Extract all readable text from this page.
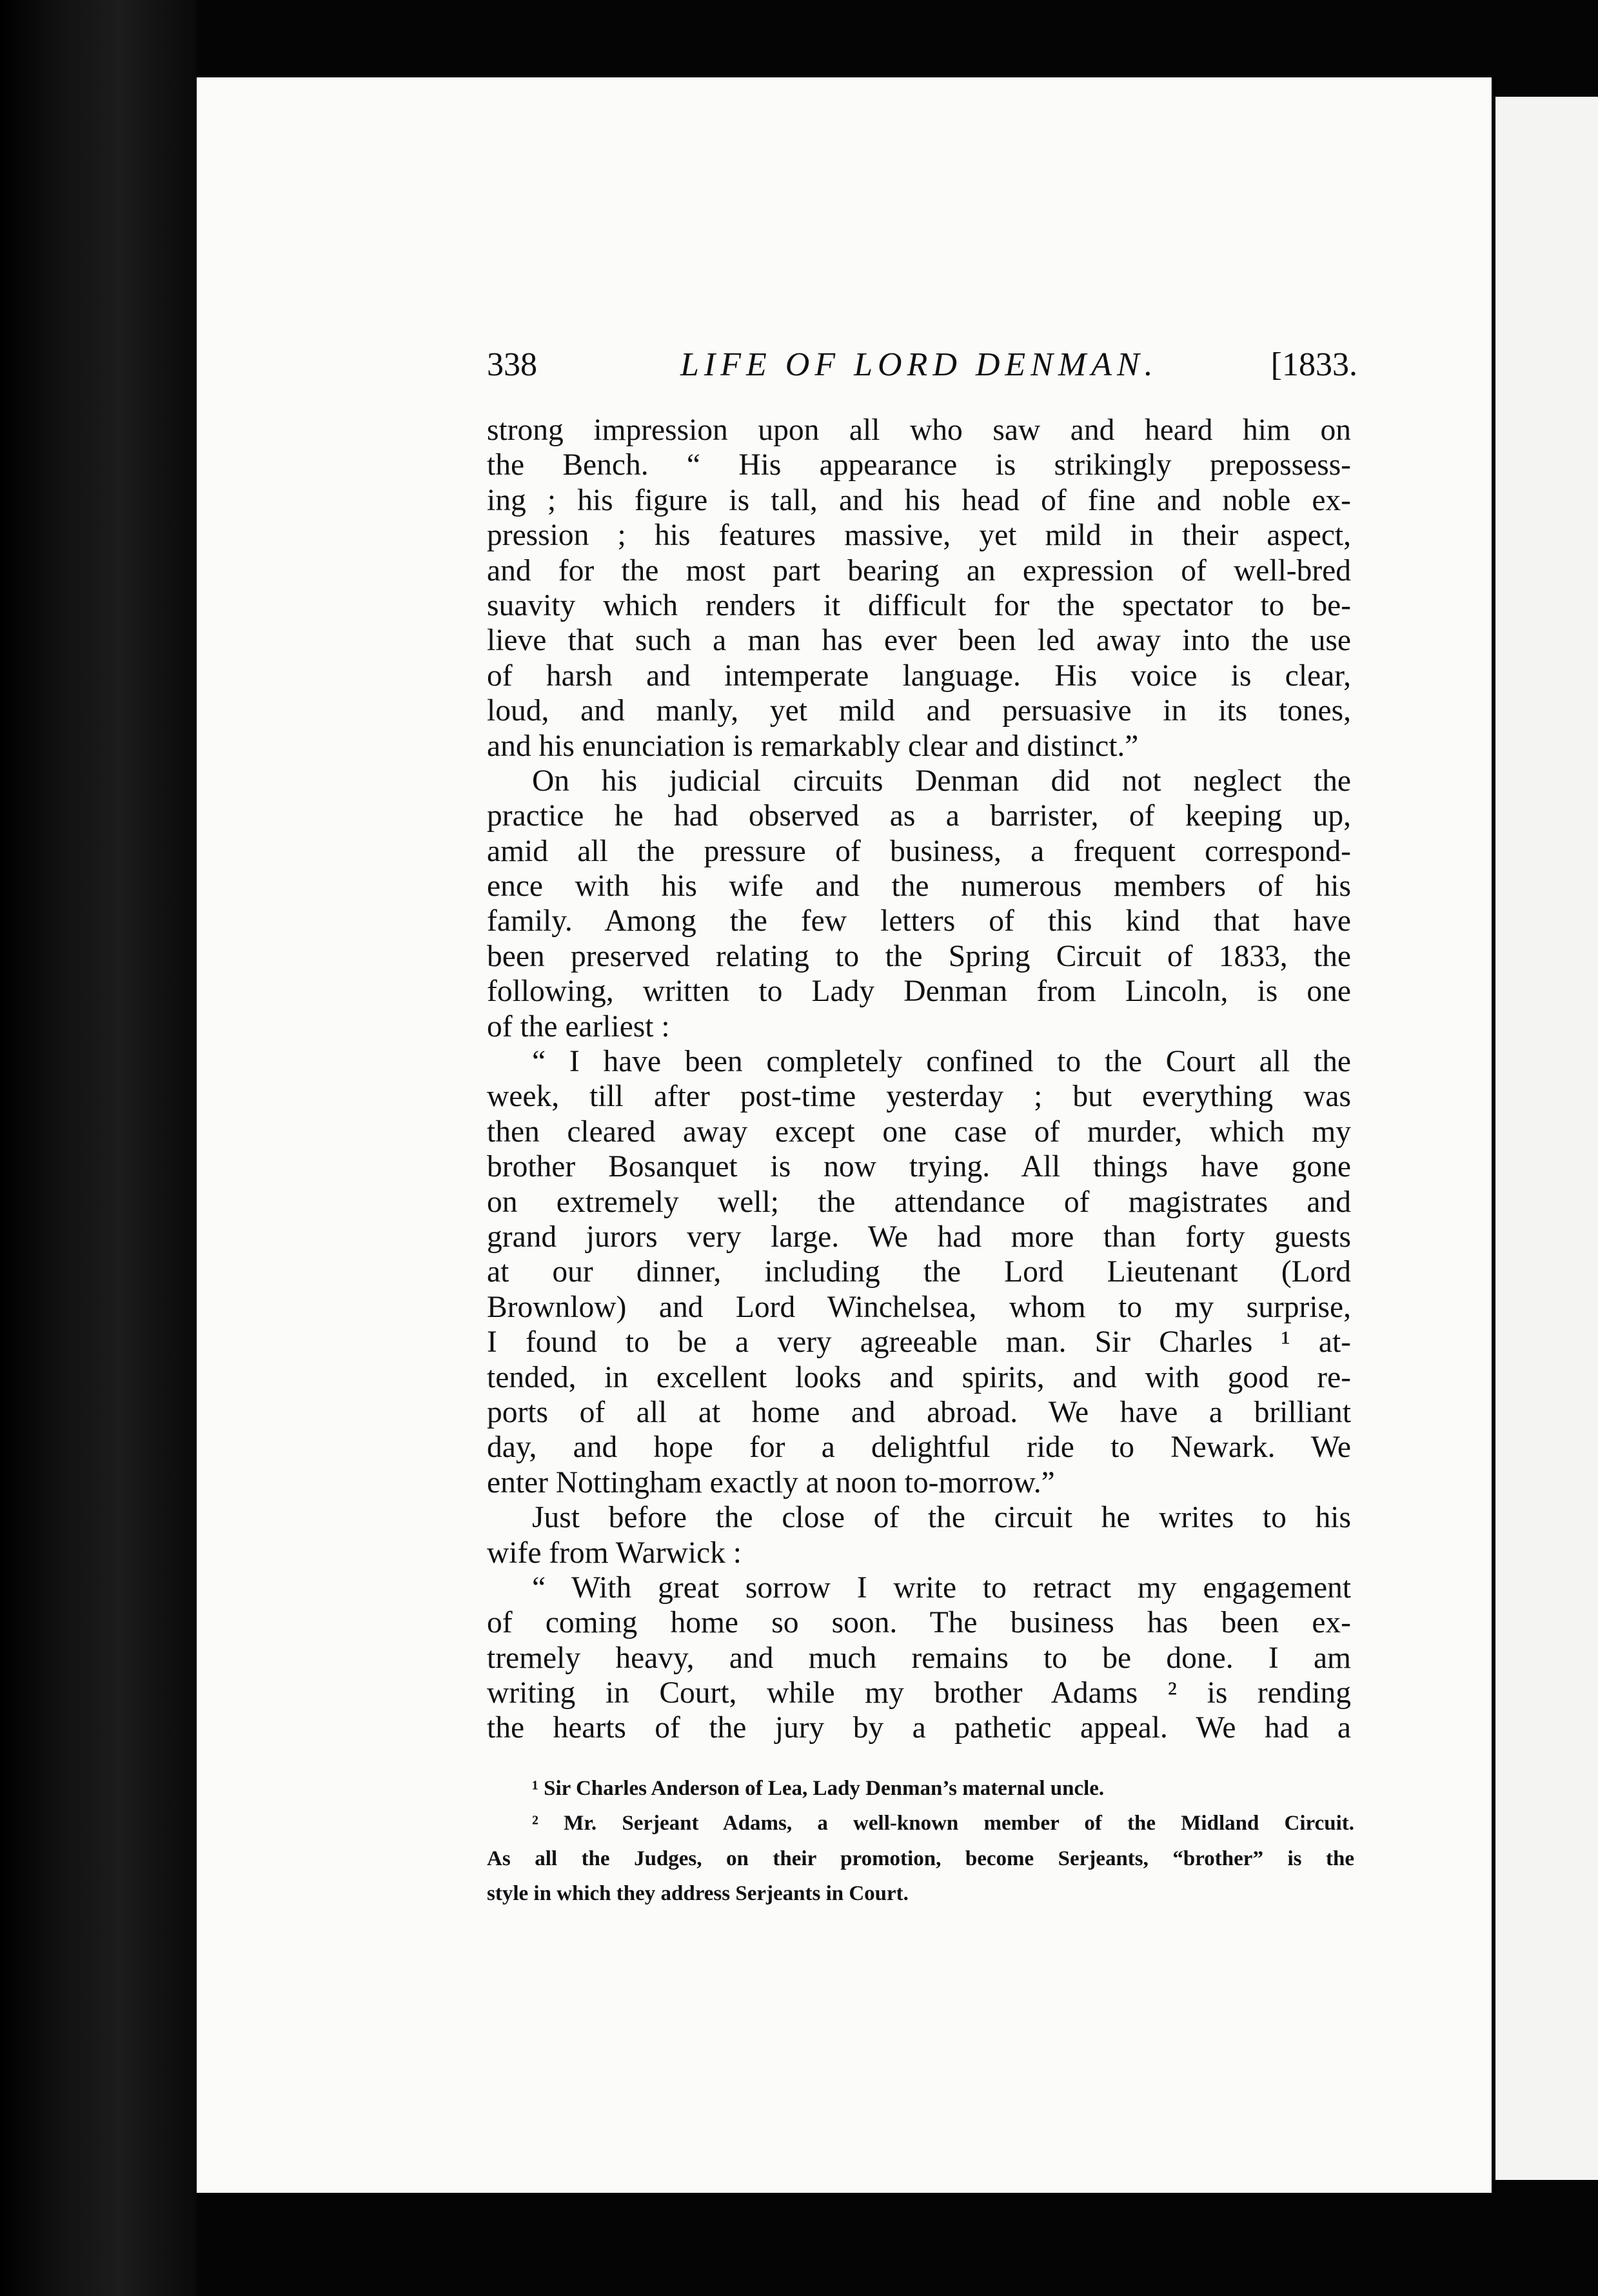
338	LIFE OF LORD DENMAN.	[1833.
strong impression upon all who saw and heard him on
the Bench. “ His appearance is strikingly prepossess-
ing ; his figure is tall, and his head of fine and noble ex-
pression ; his features massive, yet mild in their aspect,
and for the most part bearing an expression of well-bred
suavity which renders it difficult for the spectator to be-
lieve that such a man has ever been led away into the use
of harsh and intemperate language. His voice is clear,
loud, and manly, yet mild and persuasive in its tones,
and his enunciation is remarkably clear and distinct.”
On his judicial circuits Denman did not neglect the
practice he had observed as a barrister, of keeping up,
amid all the pressure of business, a frequent correspond-
ence with his wife and the numerous members of his
family. Among the few letters of this kind that have
been preserved relating to the Spring Circuit of 1833, the
following, written to Lady Denman from Lincoln, is one
of the earliest :
“ I have been completely confined to the Court all the
week, till after post-time yesterday ; but everything was
then cleared away except one case of murder, which my
brother Bosanquet is now trying. All things have gone
on extremely well; the attendance of magistrates and
grand jurors very large. We had more than forty guests
at our dinner, including the Lord Lieutenant (Lord
Brownlow) and Lord Winchelsea, whom to my surprise,
I found to be a very agreeable man. Sir Charles ¹ at-
tended, in excellent looks and spirits, and with good re-
ports of all at home and abroad. We have a brilliant
day, and hope for a delightful ride to Newark. We
enter Nottingham exactly at noon to-morrow.”
Just before the close of the circuit he writes to his
wife from Warwick :
“ With great sorrow I write to retract my engagement
of coming home so soon. The business has been ex-
tremely heavy, and much remains to be done. I am
writing in Court, while my brother Adams ² is rending
the hearts of the jury by a pathetic appeal. We had a
¹ Sir Charles Anderson of Lea, Lady Denman’s maternal uncle.
² Mr. Serjeant Adams, a well-known member of the Midland Circuit.
As all the Judges, on their promotion, become Serjeants, “brother” is the
style in which they address Serjeants in Court.
